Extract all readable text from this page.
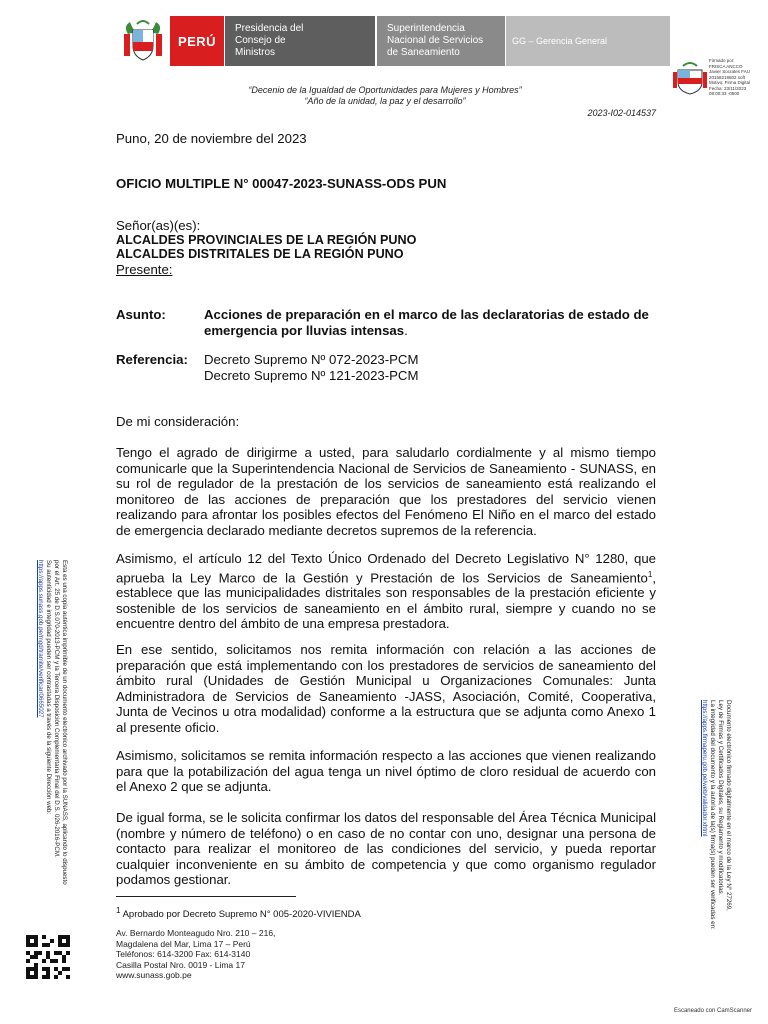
PERÚ
Presidencia del
Consejo de
Ministros
Superintendencia
Nacional de Servicios
de Saneamiento
GG – Gerencia General
Firmado por:
FRISCA ANCCO
Javier Socrates FAU
20158219602 soft
Motivo: Firma Digital
Fecha: 23/11/2023
08:00:33 -0500
“Decenio de la Igualdad de Oportunidades para Mujeres y Hombres”
“Año de la unidad, la paz y el desarrollo”
2023-I02-014537
Puno, 20 de noviembre del 2023
OFICIO MULTIPLE N° 00047-2023-SUNASS-ODS PUN
Señor(as)(es):
ALCALDES PROVINCIALES DE LA REGIÓN PUNO
ALCALDES DISTRITALES DE LA REGIÓN PUNO
Presente:
Asunto:	Acciones de preparación en el marco de las declaratorias de estado de emergencia por lluvias intensas.
Referencia: Decreto Supremo Nº 072-2023-PCM
Decreto Supremo Nº 121-2023-PCM
De mi consideración:
Tengo el agrado de dirigirme a usted, para saludarlo cordialmente y al mismo tiempo comunicarle que la Superintendencia Nacional de Servicios de Saneamiento - SUNASS, en su rol de regulador de la prestación de los servicios de saneamiento está realizando el monitoreo de las acciones de preparación que los prestadores del servicio vienen realizando para afrontar los posibles efectos del Fenómeno El Niño en el marco del estado de emergencia declarado mediante decretos supremos de la referencia.
Asimismo, el artículo 12 del Texto Único Ordenado del Decreto Legislativo N° 1280, que aprueba la Ley Marco de la Gestión y Prestación de los Servicios de Saneamiento$^1$, establece que las municipalidades distritales son responsables de la prestación eficiente y sostenible de los servicios de saneamiento en el ámbito rural, siempre y cuando no se encuentre dentro del ámbito de una empresa prestadora.
En ese sentido, solicitamos nos remita información con relación a las acciones de preparación que está implementando con los prestadores de servicios de saneamiento del ámbito rural (Unidades de Gestión Municipal u Organizaciones Comunales: Junta Administradora de Servicios de Saneamiento -JASS, Asociación, Comité, Cooperativa, Junta de Vecinos u otra modalidad) conforme a la estructura que se adjunta como Anexo 1 al presente oficio.
Asimismo, solicitamos se remita información respecto a las acciones que vienen realizando para que la potabilización del agua tenga un nivel óptimo de cloro residual de acuerdo con el Anexo 2 que se adjunta.
De igual forma, se le solicita confirmar los datos del responsable del Área Técnica Municipal (nombre y número de teléfono) o en caso de no contar con uno, designar una persona de contacto para realizar el monitoreo de las condiciones del servicio, y pueda reportar cualquier inconveniente en su ámbito de competencia y que como organismo regulador podamos gestionar.
$^1$ Aprobado por Decreto Supremo N° 005-2020-VIVIENDA
Av. Bernardo Monteagudo Nro. 210 – 216,
Magdalena del Mar, Lima 17 – Perú
Teléfonos: 614-3200 Fax: 614-3140
Casilla Postal Nro. 0019 - Lima 17
www.sunass.gob.pe
Esta es una copia auténtica imprimible de un documento electrónico archivado por la SUNASS, aplicando lo dispuesto
por el Art. 25 de D.S.070-2013-PCM y la Tercera Disposición Complementaria Final del D.S. 026-2016-PCM.
Su autenticidad e integridad pueden ser contrastadas a través de la siguiente Dirección web:
https://apps.sunass.gob.pe/mgd/tramite/verificar/0665027
Documento electrónico firmado digitalmente en el marco de la Ley N° 27269,
Ley de Firmas y Certificados Digitales, su Reglamento y modificatorias.
La integridad del documento y la autoría de la(s) firma(s) pueden ser verificadas en:
https://apps.firmaperu.gob.pe/web/validador.xhtml
Escaneado con CamScanner
